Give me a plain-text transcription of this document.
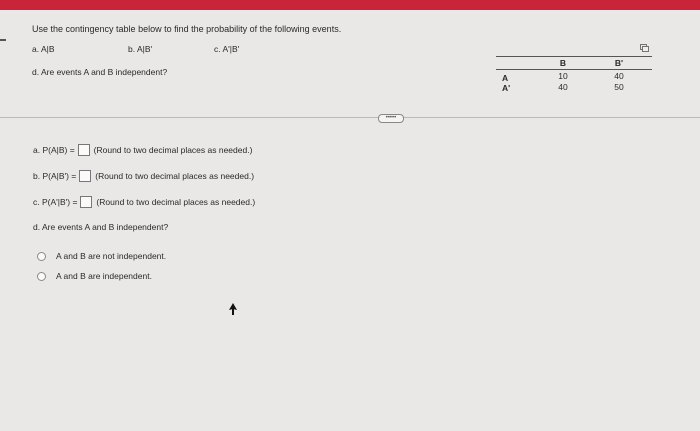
Use the contingency table below to find the probability of the following events.
a. A|B	b. A|B'	c. A'|B'
d. Are events A and B independent?
B	B'
A	10	40
A'	40	50
•••••
a. P(A|B) = (Round to two decimal places as needed.)
b. P(A|B') = (Round to two decimal places as needed.)
c. P(A'|B') = (Round to two decimal places as needed.)
d. Are events A and B independent?
A and B are not independent.
A and B are independent.
